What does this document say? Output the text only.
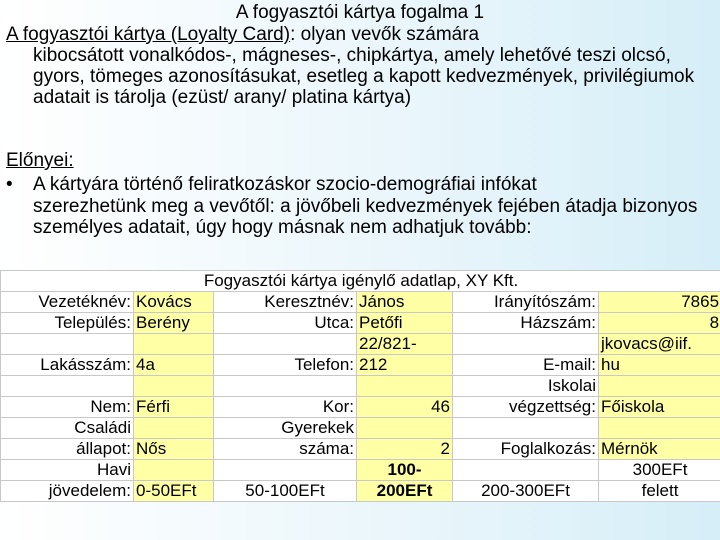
A fogyasztói kártya fogalma 1
A fogyasztói kártya (Loyalty Card): olyan vevők számára
kibocsátott vonalkódos-, mágneses-, chipkártya, amely lehetővé teszi olcsó, gyors, tömeges azonosításukat, esetleg a kapott kedvezmények, privilégiumok adatait is tárolja (ezüst/ arany/ platina kártya)
Előnyei:
•	A kártyára történő feliratkozáskor szocio-demográfiai infókat
szerezhetünk meg a vevőtől: a jövőbeli kedvezmények fejében átadja bizonyos személyes adatait, úgy hogy másnak nem adhatjuk tovább:
Fogyasztói kártya igénylő adatlap, XY Kft.					
Vezetéknév:	Kovács	Keresztnév:	János	Irányítószám:	7865
Település:	Berény	Utca:	Petőfi	Házszám:	8
			22/821-		jkovacs@iif.
Lakásszám:	4a	Telefon:	212	E-mail:	hu
				Iskolai	
Nem:	Férfi	Kor:	46	végzettség:	Főiskola
Családi		Gyerekek			
állapot:	Nős	száma:	2	Foglalkozás:	Mérnök
Havi			100-		300EFt
jövedelem:	0-50EFt	50-100EFt	200EFt	200-300EFt	felett
